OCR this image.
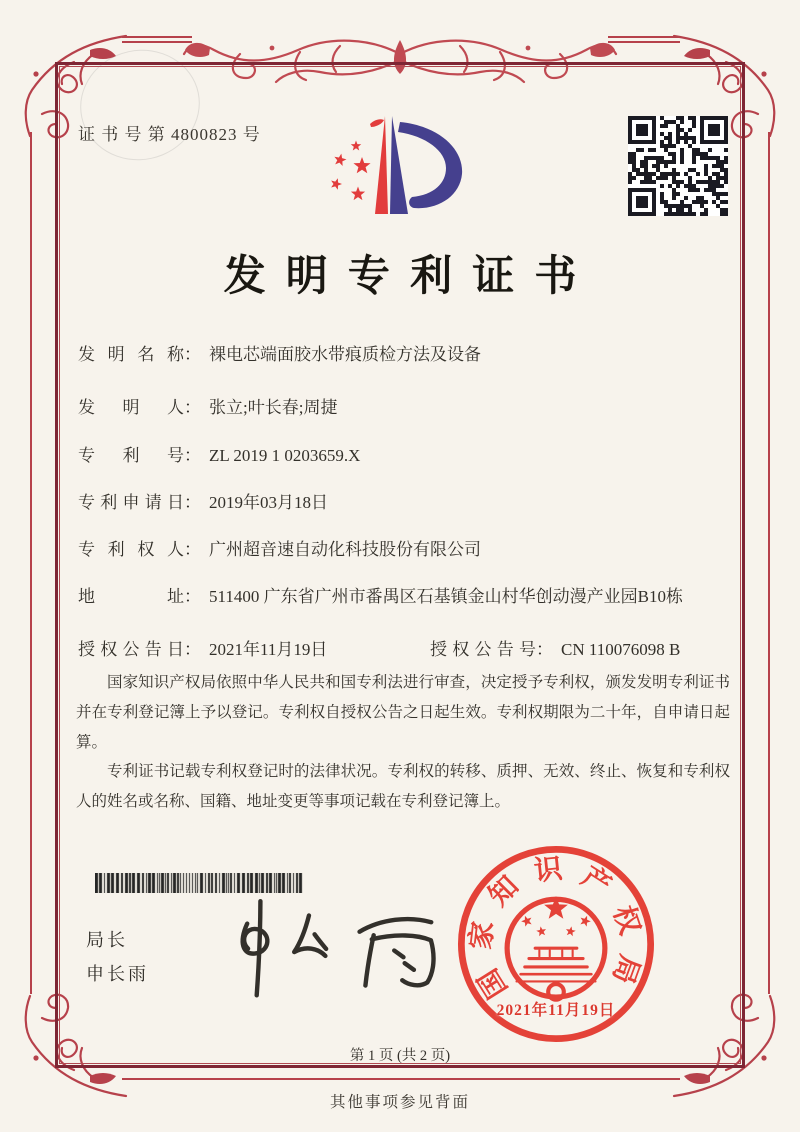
证 书 号 第 4800823 号
发明专利证书
发明名称 ： 裸电芯端面胶水带痕质检方法及设备
发明人 ： 张立;叶长春;周捷
专利号 ： ZL 2019 1 0203659.X
专利申请日 ： 2019年03月18日
专利权人 ： 广州超音速自动化科技股份有限公司
地址 ： 511400 广东省广州市番禺区石基镇金山村华创动漫产业园B10栋
授权公告日 ： 2021年11月19日	授权公告号 ： CN 110076098 B

国家知识产权局依照中华人民共和国专利法进行审查，决定授予专利权，颁发发明专利证书并在专利登记簿上予以登记。专利权自授权公告之日起生效。专利权期限为二十年，自申请日起算。

专利证书记载专利权登记时的法律状况。专利权的转移、质押、无效、终止、恢复和专利权人的姓名或名称、国籍、地址变更等事项记载在专利登记簿上。

局长
申长雨	国
家
知
识 产
权
局
2021年11月19日
第 1 页 (共 2 页)
其他事项参见背面
